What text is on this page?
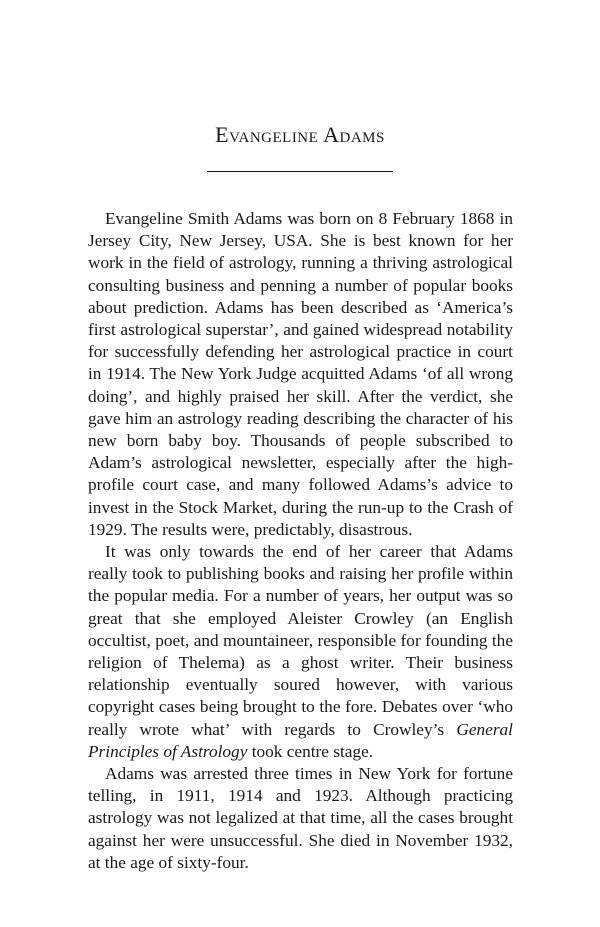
Evangeline Adams

Evangeline Smith Adams was born on 8 February 1868 in Jersey City, New Jersey, USA. She is best known for her work in the field of astrology, running a thriving astrological consulting business and penning a number of popular books about prediction. Adams has been described as ‘America’s first astrological superstar’, and gained widespread notability for successfully defending her astrological practice in court in 1914. The New York Judge acquitted Adams ‘of all wrong doing’, and highly praised her skill. After the verdict, she gave him an astrology reading describing the character of his new born baby boy. Thousands of people subscribed to Adam’s astrological newsletter, especially after the high-profile court case, and many followed Adams’s advice to invest in the Stock Market, during the run-up to the Crash of 1929. The results were, predictably, disastrous.

It was only towards the end of her career that Adams really took to publishing books and raising her profile within the popular media. For a number of years, her output was so great that she employed Aleister Crowley (an English occultist, poet, and mountaineer, responsible for founding the religion of Thelema) as a ghost writer. Their business relationship eventually soured however, with various copyright cases being brought to the fore. Debates over ‘who really wrote what’ with regards to Crowley’s General Principles of Astrology took centre stage.

Adams was arrested three times in New York for fortune telling, in 1911, 1914 and 1923. Although practicing astrology was not legalized at that time, all the cases brought against her were unsuccessful. She died in November 1932, at the age of sixty-four.
